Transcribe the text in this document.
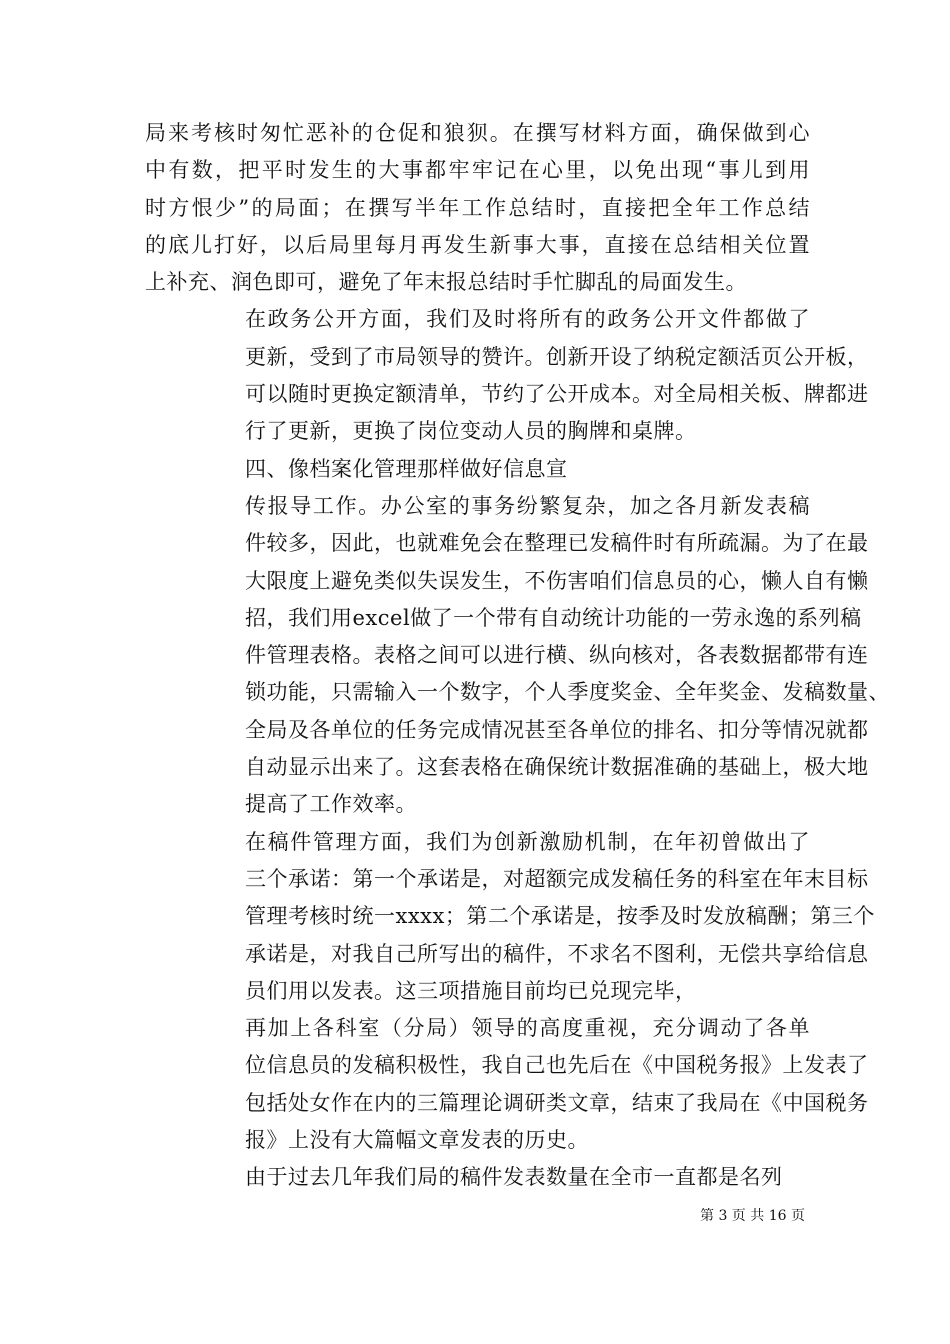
局来考核时匆忙恶补的仓促和狼狈。在撰写材料方面，确保做到心
中有数，把平时发生的大事都牢牢记在心里，以免出现“事儿到用
时方恨少”的局面；在撰写半年工作总结时，直接把全年工作总结
的底儿打好，以后局里每月再发生新事大事，直接在总结相关位置
上补充、润色即可，避免了年末报总结时手忙脚乱的局面发生。

在政务公开方面，我们及时将所有的政务公开文件都做了
更新，受到了市局领导的赞许。创新开设了纳税定额活页公开板，
可以随时更换定额清单，节约了公开成本。对全局相关板、牌都进
行了更新，更换了岗位变动人员的胸牌和桌牌。

四、像档案化管理那样做好信息宣

传报导工作。办公室的事务纷繁复杂，加之各月新发表稿
件较多，因此，也就难免会在整理已发稿件时有所疏漏。为了在最
大限度上避免类似失误发生，不伤害咱们信息员的心，懒人自有懒
招，我们用excel做了一个带有自动统计功能的一劳永逸的系列稿
件管理表格。表格之间可以进行横、纵向核对，各表数据都带有连
锁功能，只需输入一个数字，个人季度奖金、全年奖金、发稿数量、
全局及各单位的任务完成情况甚至各单位的排名、扣分等情况就都
自动显示出来了。这套表格在确保统计数据准确的基础上，极大地
提高了工作效率。

在稿件管理方面，我们为创新激励机制，在年初曾做出了
三个承诺：第一个承诺是，对超额完成发稿任务的科室在年末目标
管理考核时统一xxxx；第二个承诺是，按季及时发放稿酬；第三个
承诺是，对我自己所写出的稿件，不求名不图利，无偿共享给信息
员们用以发表。这三项措施目前均已兑现完毕，

再加上各科室（分局）领导的高度重视，充分调动了各单
位信息员的发稿积极性，我自己也先后在《中国税务报》上发表了
包括处女作在内的三篇理论调研类文章，结束了我局在《中国税务
报》上没有大篇幅文章发表的历史。

由于过去几年我们局的稿件发表数量在全市一直都是名列

第 3 页 共 16 页
